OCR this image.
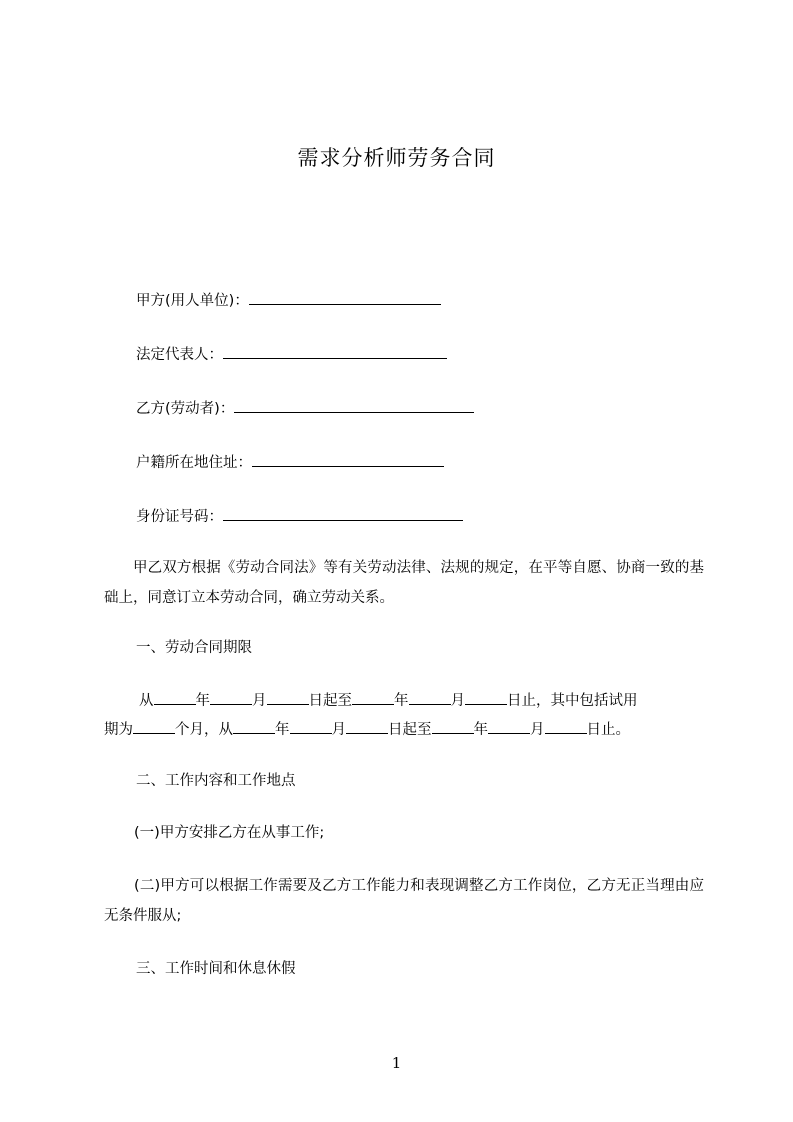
需求分析师劳务合同
甲方(用人单位)：
法定代表人：
乙方(劳动者)：
户籍所在地住址：
身份证号码：
甲乙双方根据《劳动合同法》等有关劳动法律、法规的规定，在平等自愿、协商一致的基础上，同意订立本劳动合同，确立劳动关系。
一、劳动合同期限
从	年	月	日起至	年	月	日止，其中包括试用
期为	个月，从	年	月	日起至	年	月	日止。
二、工作内容和工作地点
(一)甲方安排乙方在从事工作;
(二)甲方可以根据工作需要及乙方工作能力和表现调整乙方工作岗位，乙方无正当理由应无条件服从;
三、工作时间和休息休假
1
